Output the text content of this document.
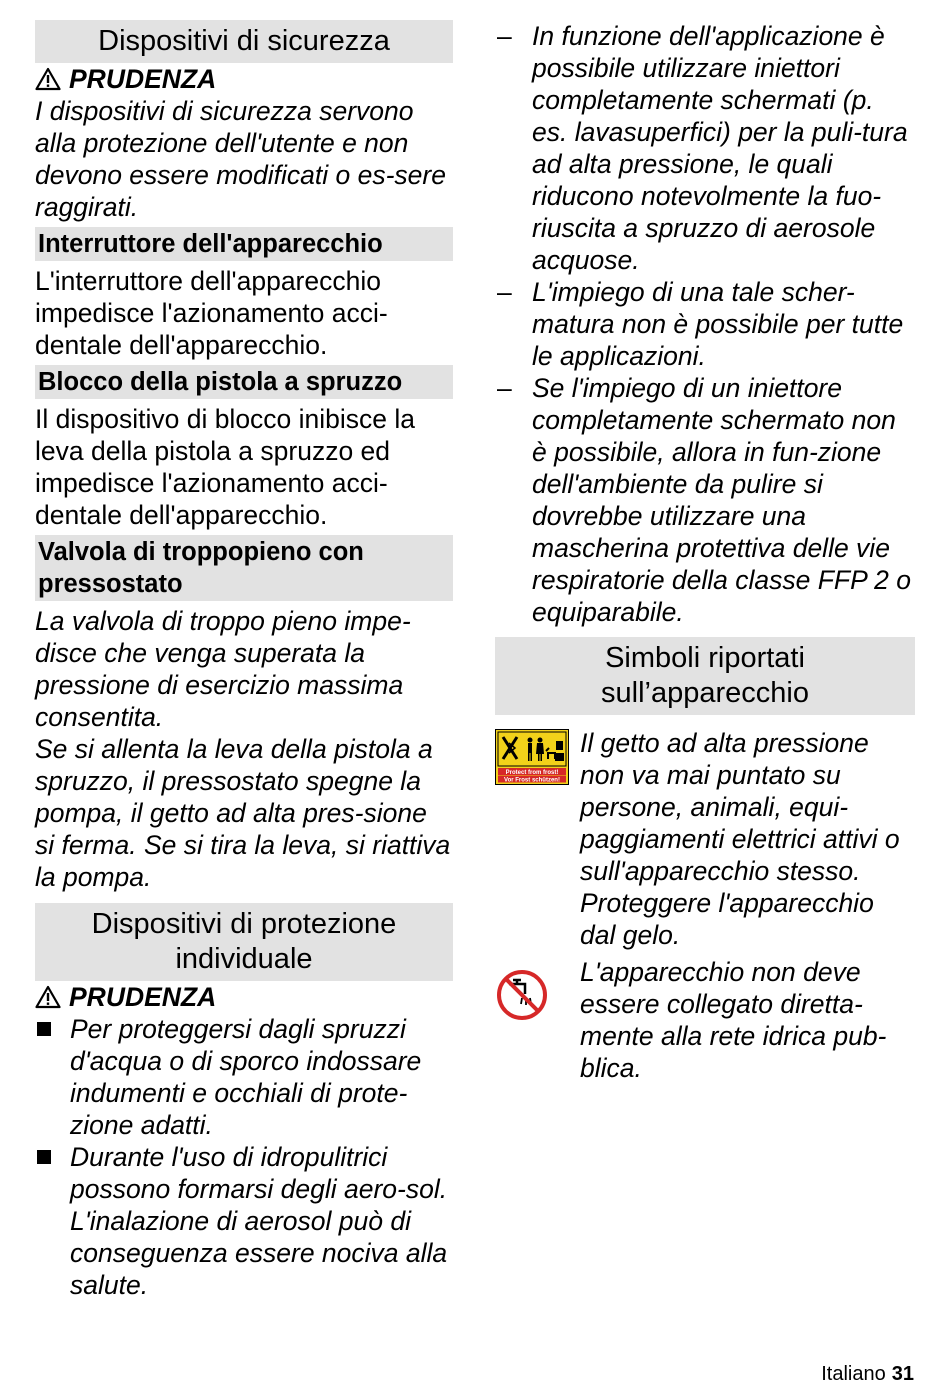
Dispositivi di sicurezza
PRUDENZA

I dispositivi di sicurezza servono alla protezione dell'utente e non devono essere modificati o es-sere raggirati.

Interruttore dell'apparecchio

L'interruttore dell'apparecchio impedisce l'azionamento acci-dentale dell'apparecchio.

Blocco della pistola a spruzzo

Il dispositivo di blocco inibisce la leva della pistola a spruzzo ed impedisce l'azionamento acci-dentale dell'apparecchio.

Valvola di troppopieno con pressostato

La valvola di troppo pieno impe-disce che venga superata la pressione di esercizio massima consentita.

Se si allenta la leva della pistola a spruzzo, il pressostato spegne la pompa, il getto ad alta pres-sione si ferma. Se si tira la leva, si riattiva la pompa.

Dispositivi di protezione individuale
PRUDENZA
Per proteggersi dagli spruzzi d'acqua o di sporco indossare indumenti e occhiali di prote-zione adatti.
Durante l'uso di idropulitrici possono formarsi degli aero-sol. L'inalazione di aerosol può di conseguenza essere nociva alla salute.
– In funzione dell'applicazione è possibile utilizzare iniettori completamente schermati (p. es. lavasuperfici) per la puli-tura ad alta pressione, le quali riducono notevolmente la fuo-riuscita a spruzzo di aerosole acquose.
– L'impiego di una tale scher-matura non è possibile per tutte le applicazioni.
– Se l'impiego di un iniettore completamente schermato non è possibile, allora in fun-zione dell'ambiente da pulire si dovrebbe utilizzare una mascherina protettiva delle vie respiratorie della classe FFP 2 o equiparabile.
Simboli riportati sull’apparecchio
Protect from frost!
Vor Frost schützen!
Il getto ad alta pressione non va mai puntato su persone, animali, equi-paggiamenti elettrici attivi o sull'apparecchio stesso. Proteggere l'apparecchio dal gelo.
L'apparecchio non deve essere collegato diretta-mente alla rete idrica pub-blica.
Italiano 31
